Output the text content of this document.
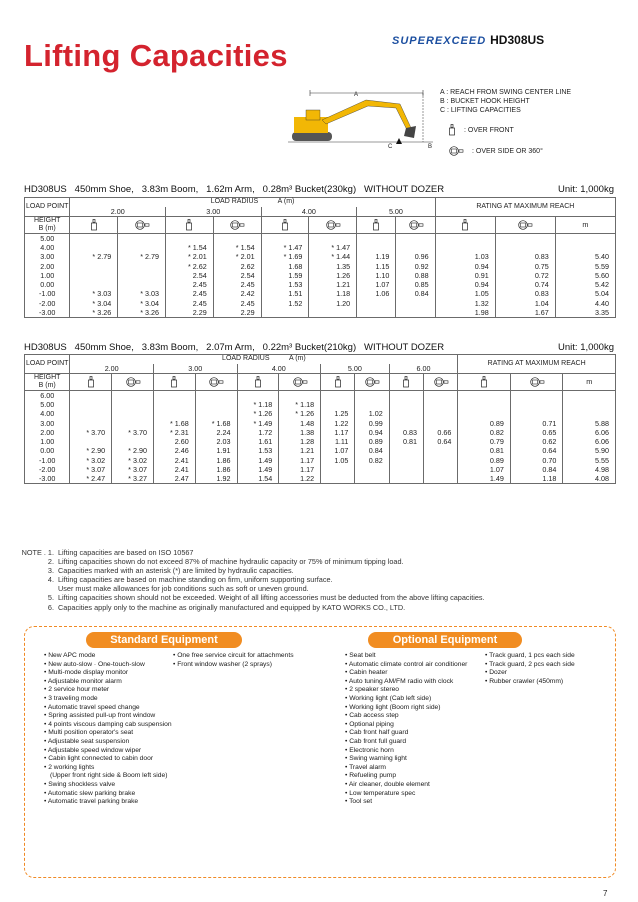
SUPEREXCEED HD308US
Lifting Capacities
A
C	B
A : REACH FROM SWING CENTER LINE
B : BUCKET HOOK HEIGHT
C : LIFTING CAPACITIES
: OVER FRONT
: OVER SIDE OR 360°
HD308US   450mm Shoe,   3.83m Boom,   1.62m Arm,   0.28m³ Bucket(230kg)   WITHOUT DOZER	Unit: 1,000kg
LOAD POINT	LOAD RADIUS A (m)								RATING AT MAXIMUM REACH		
	2.00		3.00		4.00		5.00				

HEIGHT
B (m)											m
5.00											
4.00			* 1.54	* 1.54	* 1.47	* 1.47					
3.00	* 2.79	* 2.79	* 2.01	* 2.01	* 1.69	* 1.44	1.19	0.96	1.03	0.83	5.40
2.00			* 2.62	2.62	1.68	1.35	1.15	0.92	0.94	0.75	5.59
1.00			2.54	2.54	1.59	1.26	1.10	0.88	0.91	0.72	5.60
0.00			2.45	2.45	1.53	1.21	1.07	0.85	0.94	0.74	5.42
-1.00	* 3.03	* 3.03	2.45	2.42	1.51	1.18	1.06	0.84	1.05	0.83	5.04
-2.00	* 3.04	* 3.04	2.45	2.45	1.52	1.20			1.32	1.04	4.40
-3.00	* 3.26	* 3.26	2.29	2.29					1.98	1.67	3.35
HD308US   450mm Shoe,   3.83m Boom,   2.07m Arm,   0.22m³ Bucket(210kg)   WITHOUT DOZER	Unit: 1,000kg
LOAD POINT	LOAD RADIUS A (m)										RATING AT MAXIMUM REACH		
	2.00		3.00		4.00		5.00		6.00				

HEIGHT
B (m)													m
6.00													
5.00					* 1.18	* 1.18							
4.00					* 1.26	* 1.26	1.25	1.02					
3.00			* 1.68	* 1.68	* 1.49	1.48	1.22	0.99			0.89	0.71	5.88
2.00	* 3.70	* 3.70	* 2.31	2.24	1.72	1.38	1.17	0.94	0.83	0.66	0.82	0.65	6.06
1.00			2.60	2.03	1.61	1.28	1.11	0.89	0.81	0.64	0.79	0.62	6.06
0.00	* 2.90	* 2.90	2.46	1.91	1.53	1.21	1.07	0.84			0.81	0.64	5.90
-1.00	* 3.02	* 3.02	2.41	1.86	1.49	1.17	1.05	0.82			0.89	0.70	5.55
-2.00	* 3.07	* 3.07	2.41	1.86	1.49	1.17					1.07	0.84	4.98
-3.00	* 2.47	* 3.27	2.47	1.92	1.54	1.22					1.49	1.18	4.08
NOTE . 1. Lifting capacities are based on ISO 10567
2. Lifting capacities shown do not exceed 87% of machine hydraulic capacity or 75% of minimum tipping load.
3. Capacities marked with an asterisk (*) are limited by hydraulic capacities.
4. Lifting capacities are based on machine standing on firm, uniform supporting surface.
User must make allowances for job conditions such as soft or uneven ground.
5. Lifting capacities shown should not be exceeded. Weight of all lifting accessories must be deducted from the above lifting capacities.
6. Capacities apply only to the machine as originally manufactured and equipped by KATO WORKS CO., LTD.
Standard Equipment	Optional Equipment
• New APC mode
• New auto-slow · One-touch-slow
• Multi-mode display monitor
• Adjustable monitor alarm
• 2 service hour meter
• 3 traveling mode
• Automatic travel speed change
• Spring assisted pull-up front window
• 4 points viscous damping cab suspension
• Multi position operator's seat
• Adjustable seat suspension
• Adjustable speed window wiper
• Cabin light connected to cabin door
• 2 working lights
(Upper front right side & Boom left side)
• Swing shockless valve
• Automatic slew parking brake
• Automatic travel parking brake
• One free service circuit for attachments
• Front window washer (2 sprays)
• Seat belt
• Automatic climate control air conditioner
• Cabin heater
• Auto tuning AM/FM radio with clock
• 2 speaker stereo
• Working light (Cab left side)
• Working light (Boom right side)
• Cab access step
• Optional piping
• Cab front half guard
• Cab front full guard
• Electronic horn
• Swing warning light
• Travel alarm
• Refueling pump
• Air cleaner, double element
• Low temperature spec
• Tool set
• Track guard, 1 pcs each side
• Track guard, 2 pcs each side
• Dozer
• Rubber crawler (450mm)
7
